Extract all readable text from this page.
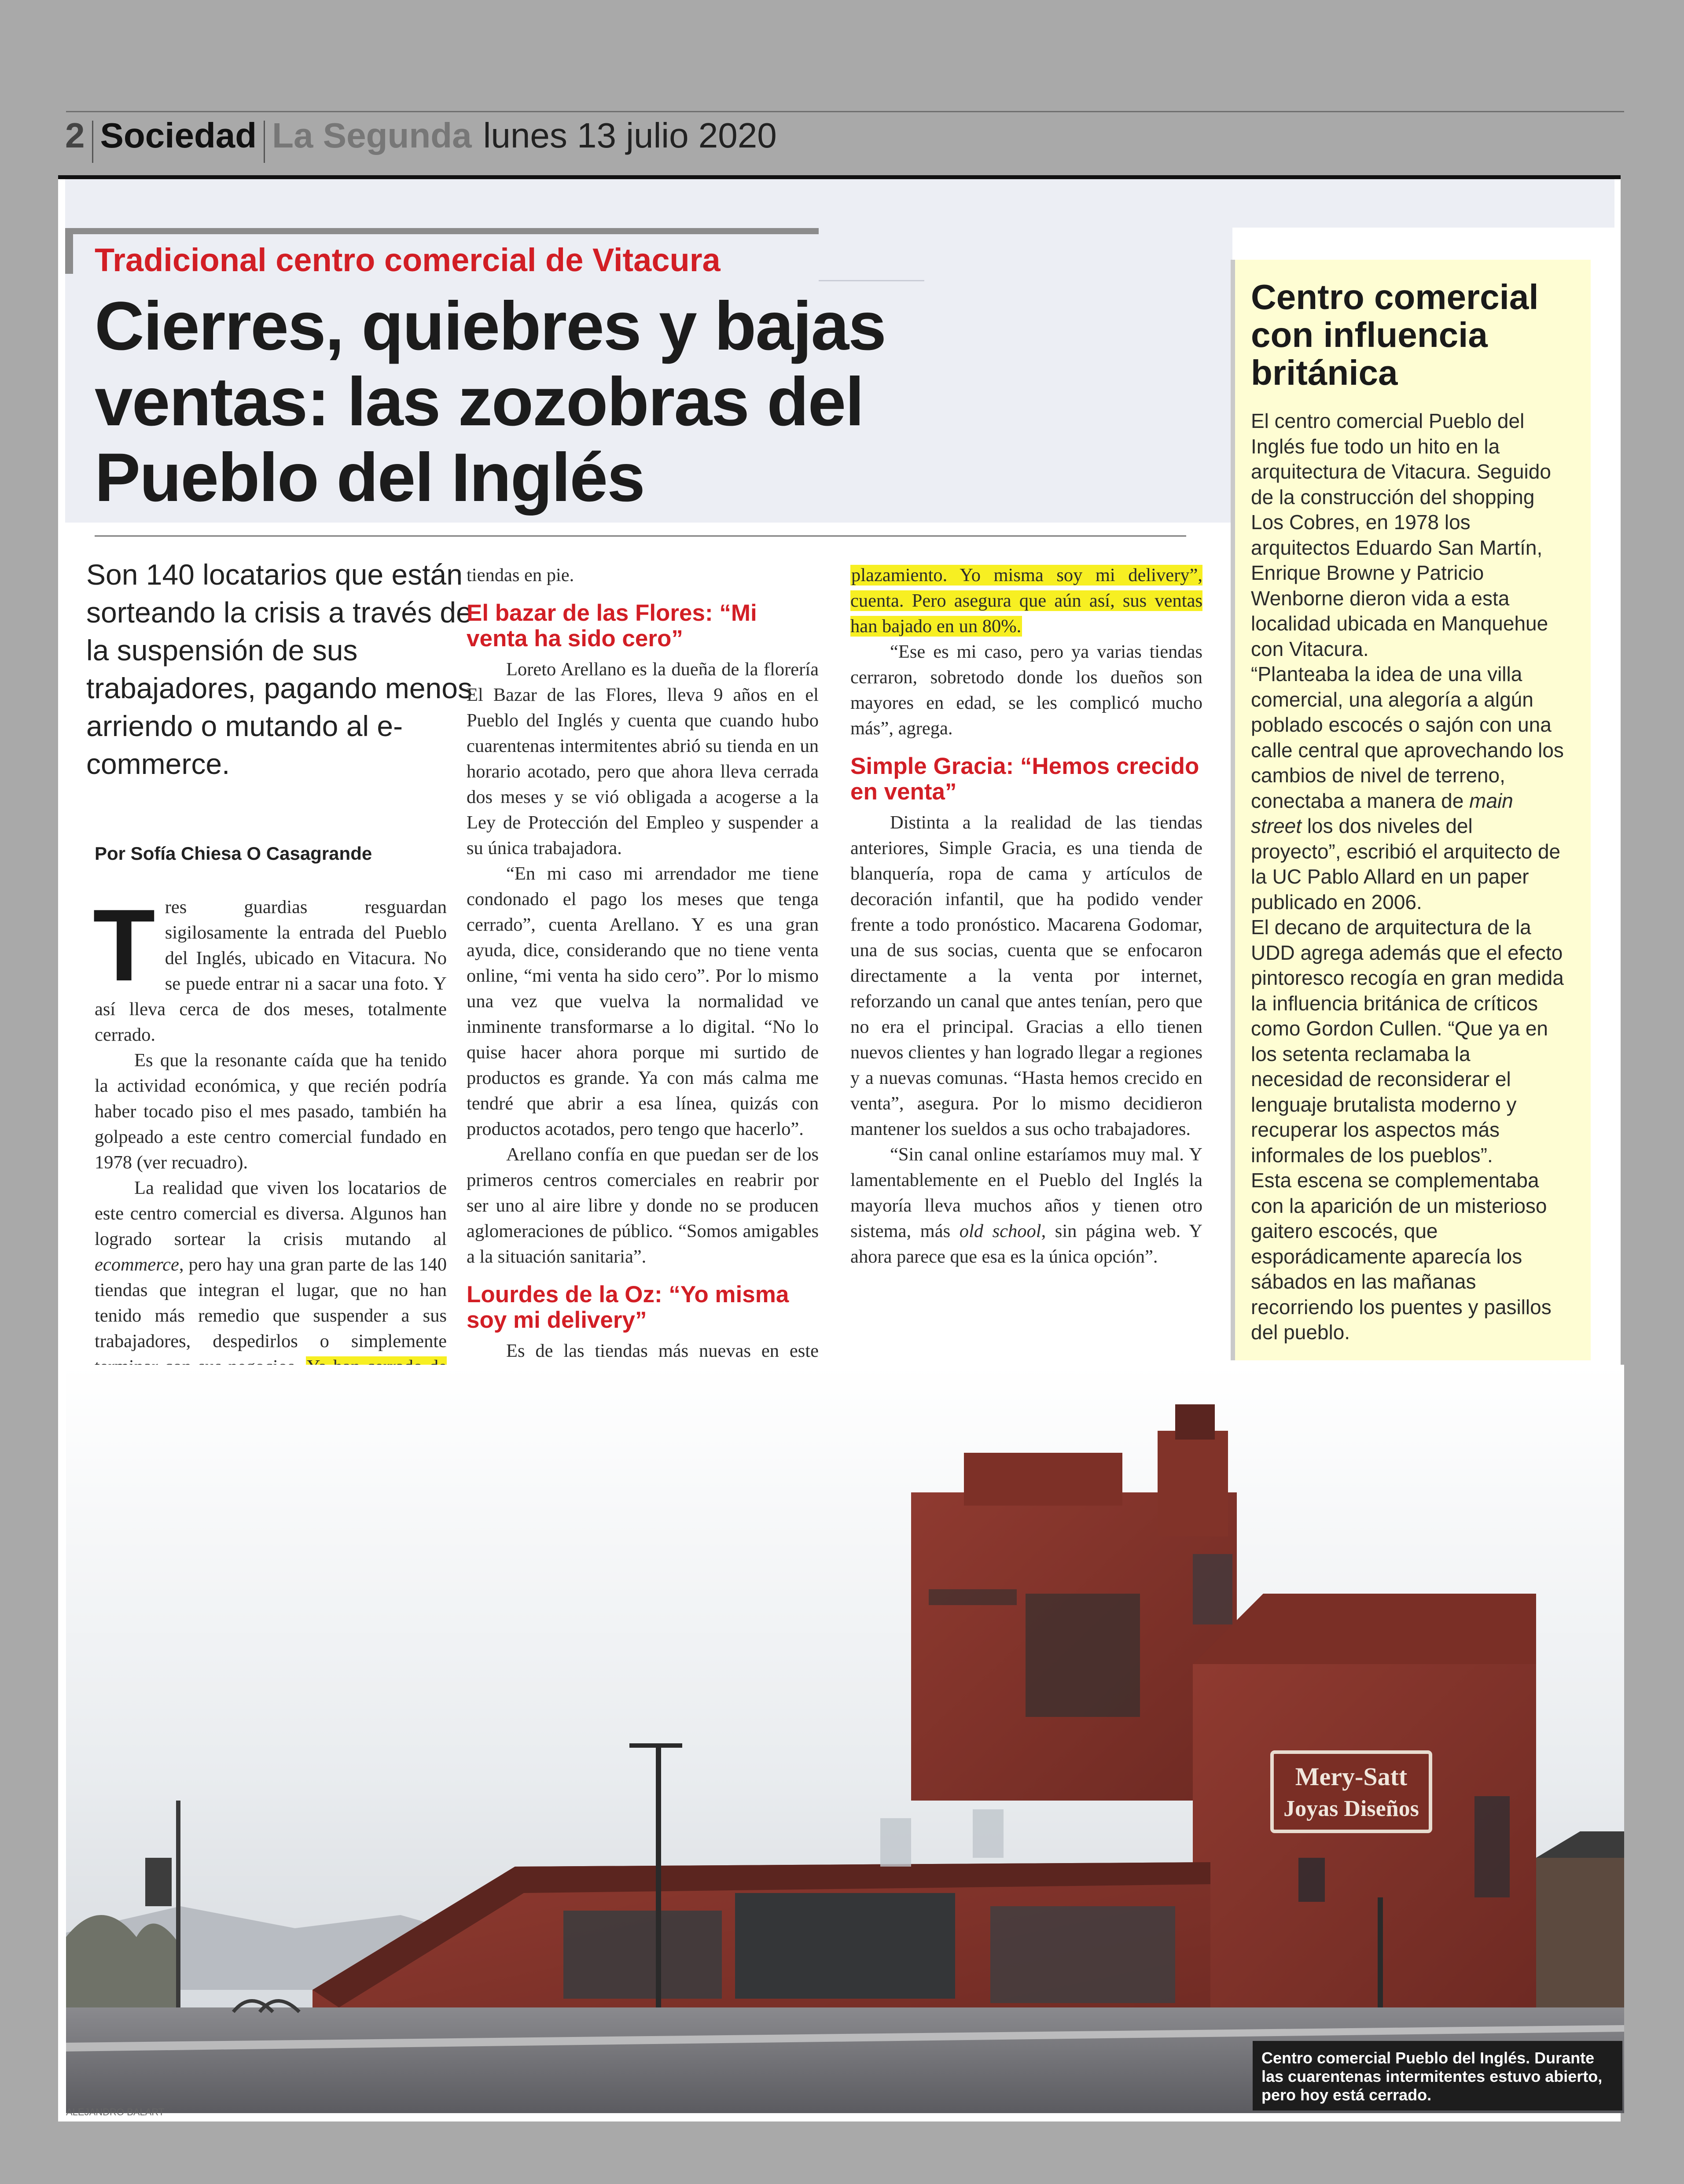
2 Sociedad La Segunda lunes 13 julio 2020
Tradicional centro comercial de Vitacura
Cierres, quiebres y bajas ventas: las zozobras del Pueblo del Inglés
Son 140 locatarios que están sorteando la crisis a través de la suspensión de sus trabajadores, pagando menos arriendo o mutando al e-commerce.
Por Sofía Chiesa O Casagrande

Tres guardias resguardan sigilosamente la entrada del Pueblo del Inglés, ubicado en Vitacura. No se puede entrar ni a sacar una foto. Y así lleva cerca de dos meses, totalmente cerrado.

Es que la resonante caída que ha tenido la actividad económica, y que recién podría haber tocado piso el mes pasado, también ha golpeado a este centro comercial fundado en 1978 (ver recuadro).

La realidad que viven los locatarios de este centro comercial es diversa. Algunos han logrado sortear la crisis mutando al ecommerce, pero hay una gran parte de las 140 tiendas que integran el lugar, que no han tenido más remedio que suspender a sus trabajadores, despedirlos o simplemente

tiendas en pie.

El bazar de las Flores: “Mi venta ha sido cero”

Loreto Arellano es la dueña de la florería El Bazar de las Flores, lleva 9 años en el Pueblo del Inglés y cuenta que cuando hubo cuarentenas intermitentes abrió su tienda en un horario acotado, pero que ahora lleva cerrada dos meses y se vió obligada a acogerse a la Ley de Protección del Empleo y suspender a su única trabajadora.

“En mi caso mi arrendador me tiene condonado el pago los meses que tenga cerrado”, cuenta Arellano. Y es una gran ayuda, dice, considerando que no tiene venta online, “mi venta ha sido cero”. Por lo mismo una vez que vuelva la normalidad ve inminente transformarse a lo digital. “No lo quise hacer ahora porque mi surtido de productos es grande. Ya con más calma me tendré que abrir a esa línea, quizás con productos acotados, pero tengo que hacerlo”.

Arellano confía en que puedan ser de los primeros centros comerciales en reabrir por ser uno al aire libre y donde no se producen aglomeraciones de público. “Somos amigables a la situación sanitaria”.

Lourdes de la Oz: “Yo misma soy mi delivery”

Es de las tiendas más nuevas en este

plazamiento. Yo misma soy mi delivery”, cuenta. Pero asegura que aún así, sus ventas han bajado en un 80%.

“Ese es mi caso, pero ya varias tiendas cerraron, sobretodo donde los dueños son mayores en edad, se les complicó mucho más”, agrega.

Simple Gracia: “Hemos crecido en venta”

Distinta a la realidad de las tiendas anteriores, Simple Gracia, es una tienda de blanquería, ropa de cama y artículos de decoración infantil, que ha podido vender frente a todo pronóstico. Macarena Godomar, una de sus socias, cuenta que se enfocaron directamente a la venta por internet, reforzando un canal que antes tenían, pero que no era el principal. Gracias a ello tienen nuevos clientes y han logrado llegar a regiones y a nuevas comunas. “Hasta hemos crecido en venta”, asegura. Por lo mismo decidieron mantener los sueldos a sus ocho trabajadores.

“Sin canal online estaríamos muy mal. Y lamentablemente en el Pueblo del Inglés la mayoría lleva muchos años y tienen otro sistema, más old school, sin página web. Y ahora parece que esa es la única opción”.

Centro comercial con influencia británica

El centro comercial Pueblo del Inglés fue todo un hito en la arquitectura de Vitacura. Seguido de la construcción del shopping Los Cobres, en 1978 los arquitectos Eduardo San Martín, Enrique Browne y Patricio Wenborne dieron vida a esta localidad ubicada en Manquehue con Vitacura.

“Planteaba la idea de una villa comercial, una alegoría a algún poblado escocés o sajón con una calle central que aprovechando los cambios de nivel de terreno, conectaba a manera de main street los dos niveles del proyecto”, escribió el arquitecto de la UC Pablo Allard en un paper publicado en 2006.

El decano de arquitectura de la UDD agrega además que el efecto pintoresco recogía en gran medida la influencia británica de críticos como Gordon Cullen. “Que ya en los setenta reclamaba la necesidad de reconsiderar el lenguaje brutalista moderno y recuperar los aspectos más informales de los pueblos”.

Esta escena se complementaba con la aparición de un misterioso gaitero escocés, que esporádicamente aparecía los sábados en las mañanas recorriendo los puentes y pasillos del pueblo.

Mery-Satt
Joyas Diseños
Centro comercial Pueblo del Inglés. Durante las cuarentenas intermitentes estuvo abierto, pero hoy está cerrado.
ALEJANDRO BALART
